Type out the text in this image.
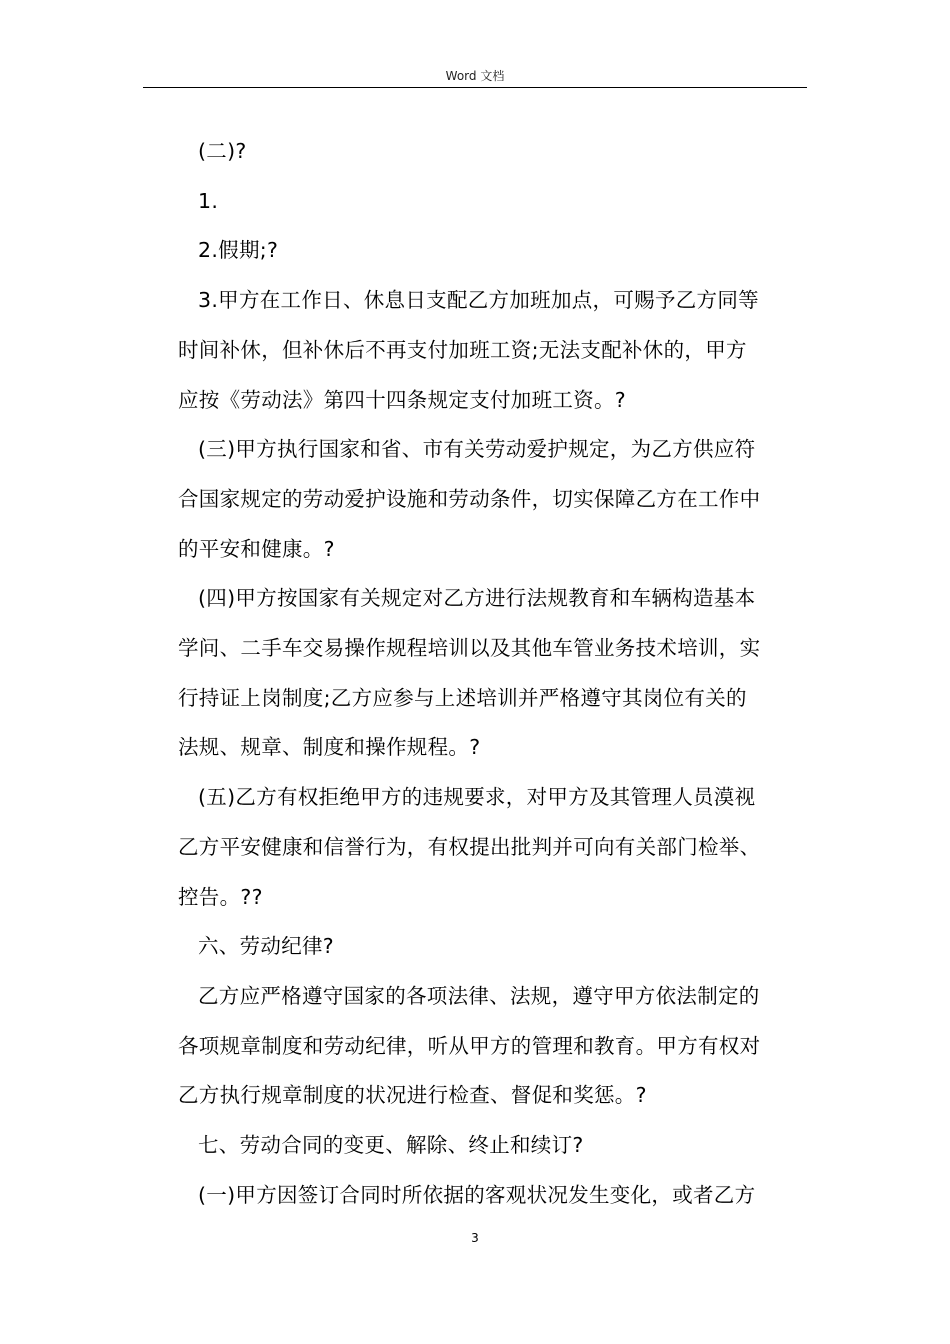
Word 文档

(二)?

1.

2.假期;?

3.甲方在工作日、休息日支配乙方加班加点，可赐予乙方同等

时间补休，但补休后不再支付加班工资;无法支配补休的，甲方

应按《劳动法》第四十四条规定支付加班工资。?

(三)甲方执行国家和省、市有关劳动爱护规定，为乙方供应符

合国家规定的劳动爱护设施和劳动条件，切实保障乙方在工作中

的平安和健康。?

(四)甲方按国家有关规定对乙方进行法规教育和车辆构造基本

学问、二手车交易操作规程培训以及其他车管业务技术培训，实

行持证上岗制度;乙方应参与上述培训并严格遵守其岗位有关的

法规、规章、制度和操作规程。?

(五)乙方有权拒绝甲方的违规要求，对甲方及其管理人员漠视

乙方平安健康和信誉行为，有权提出批判并可向有关部门检举、

控告。??

六、劳动纪律?

乙方应严格遵守国家的各项法律、法规，遵守甲方依法制定的

各项规章制度和劳动纪律，听从甲方的管理和教育。甲方有权对

乙方执行规章制度的状况进行检查、督促和奖惩。?

七、劳动合同的变更、解除、终止和续订?

(一)甲方因签订合同时所依据的客观状况发生变化，或者乙方

3
